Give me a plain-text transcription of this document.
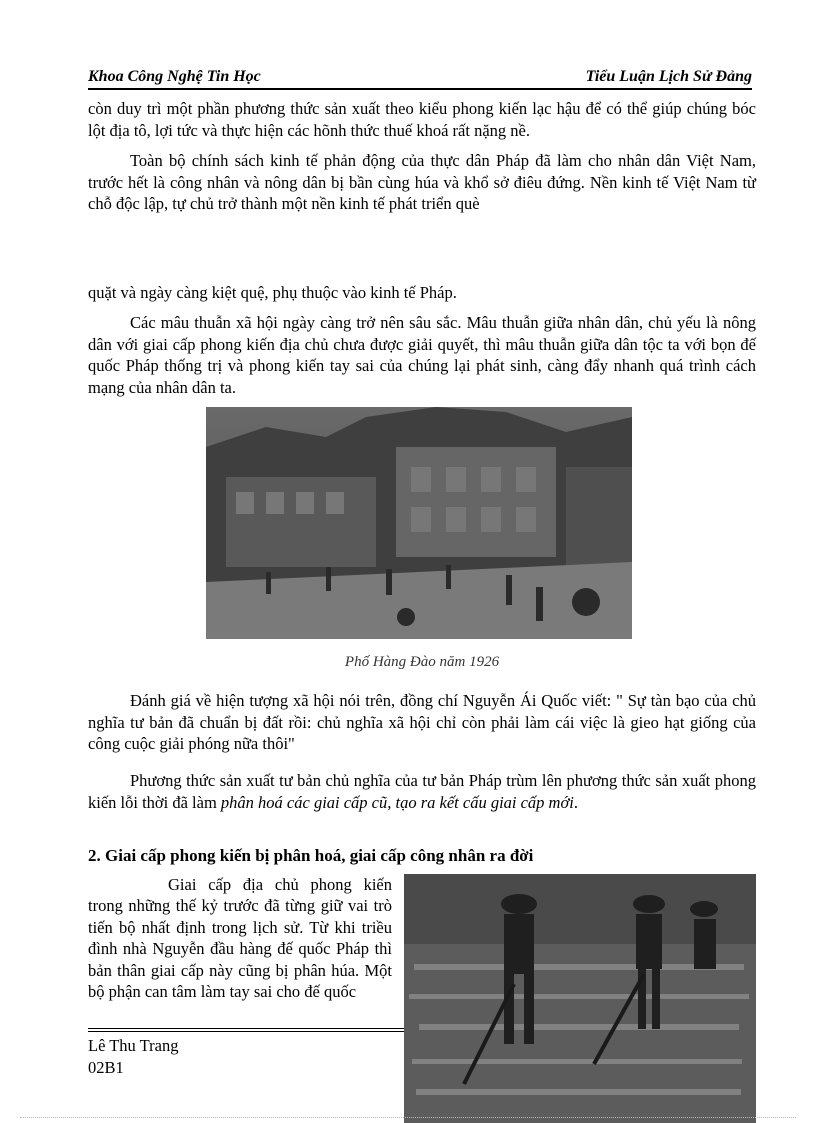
Khoa Công Nghệ Tin Học	Tiểu Luận Lịch Sử Đảng

còn duy trì một phần phương thức sản xuất theo kiểu phong kiến lạc hậu để có thể giúp chúng bóc lột địa tô, lợi tức và thực hiện các hõnh thức thuế khoá rất nặng nề.

Toàn bộ chính sách kinh tế phản động của thực dân Pháp đã làm cho nhân dân Việt Nam, trước hết là công nhân và nông dân bị bần cùng húa và khổ sở điêu đứng. Nền kinh tế Việt Nam từ chỗ độc lập, tự chủ trở thành một nền kinh tế phát triển què

quặt và ngày càng kiệt quệ, phụ thuộc vào kinh tế Pháp.

Các mâu thuẫn xã hội ngày càng trở nên sâu sắc. Mâu thuẫn giữa nhân dân, chủ yếu là nông dân với giai cấp phong kiến địa chủ chưa được giải quyết, thì mâu thuẫn giữa dân tộc ta với bọn đế quốc Pháp thống trị và phong kiến tay sai của chúng lại phát sinh, càng đẩy nhanh quá trình cách mạng của nhân dân ta.

Phố Hàng Đào năm 1926

Đánh giá về hiện tượng xã hội nói trên, đồng chí Nguyễn Ái Quốc viết: " Sự tàn bạo của chủ nghĩa tư bản đã chuẩn bị đất rồi: chủ nghĩa xã hội chỉ còn phải làm cái việc là gieo hạt giống của công cuộc giải phóng nữa thôi"

Phương thức sản xuất tư bản chủ nghĩa của tư bản Pháp trùm lên phương thức sản xuất phong kiến lỗi thời đã làm phân hoá các giai cấp cũ, tạo ra kết cấu giai cấp mới.

2. Giai cấp phong kiến bị phân hoá, giai cấp công nhân ra đời

Giai cấp địa chủ phong kiến trong những thế kỷ trước đã từng giữ vai trò tiến bộ nhất định trong lịch sử. Từ khi triều đình nhà Nguyễn đầu hàng đế quốc Pháp thì bản thân giai cấp này cũng bị phân húa. Một bộ phận can tâm làm tay sai cho đế quốc

Lê Thu Trang
02B1
